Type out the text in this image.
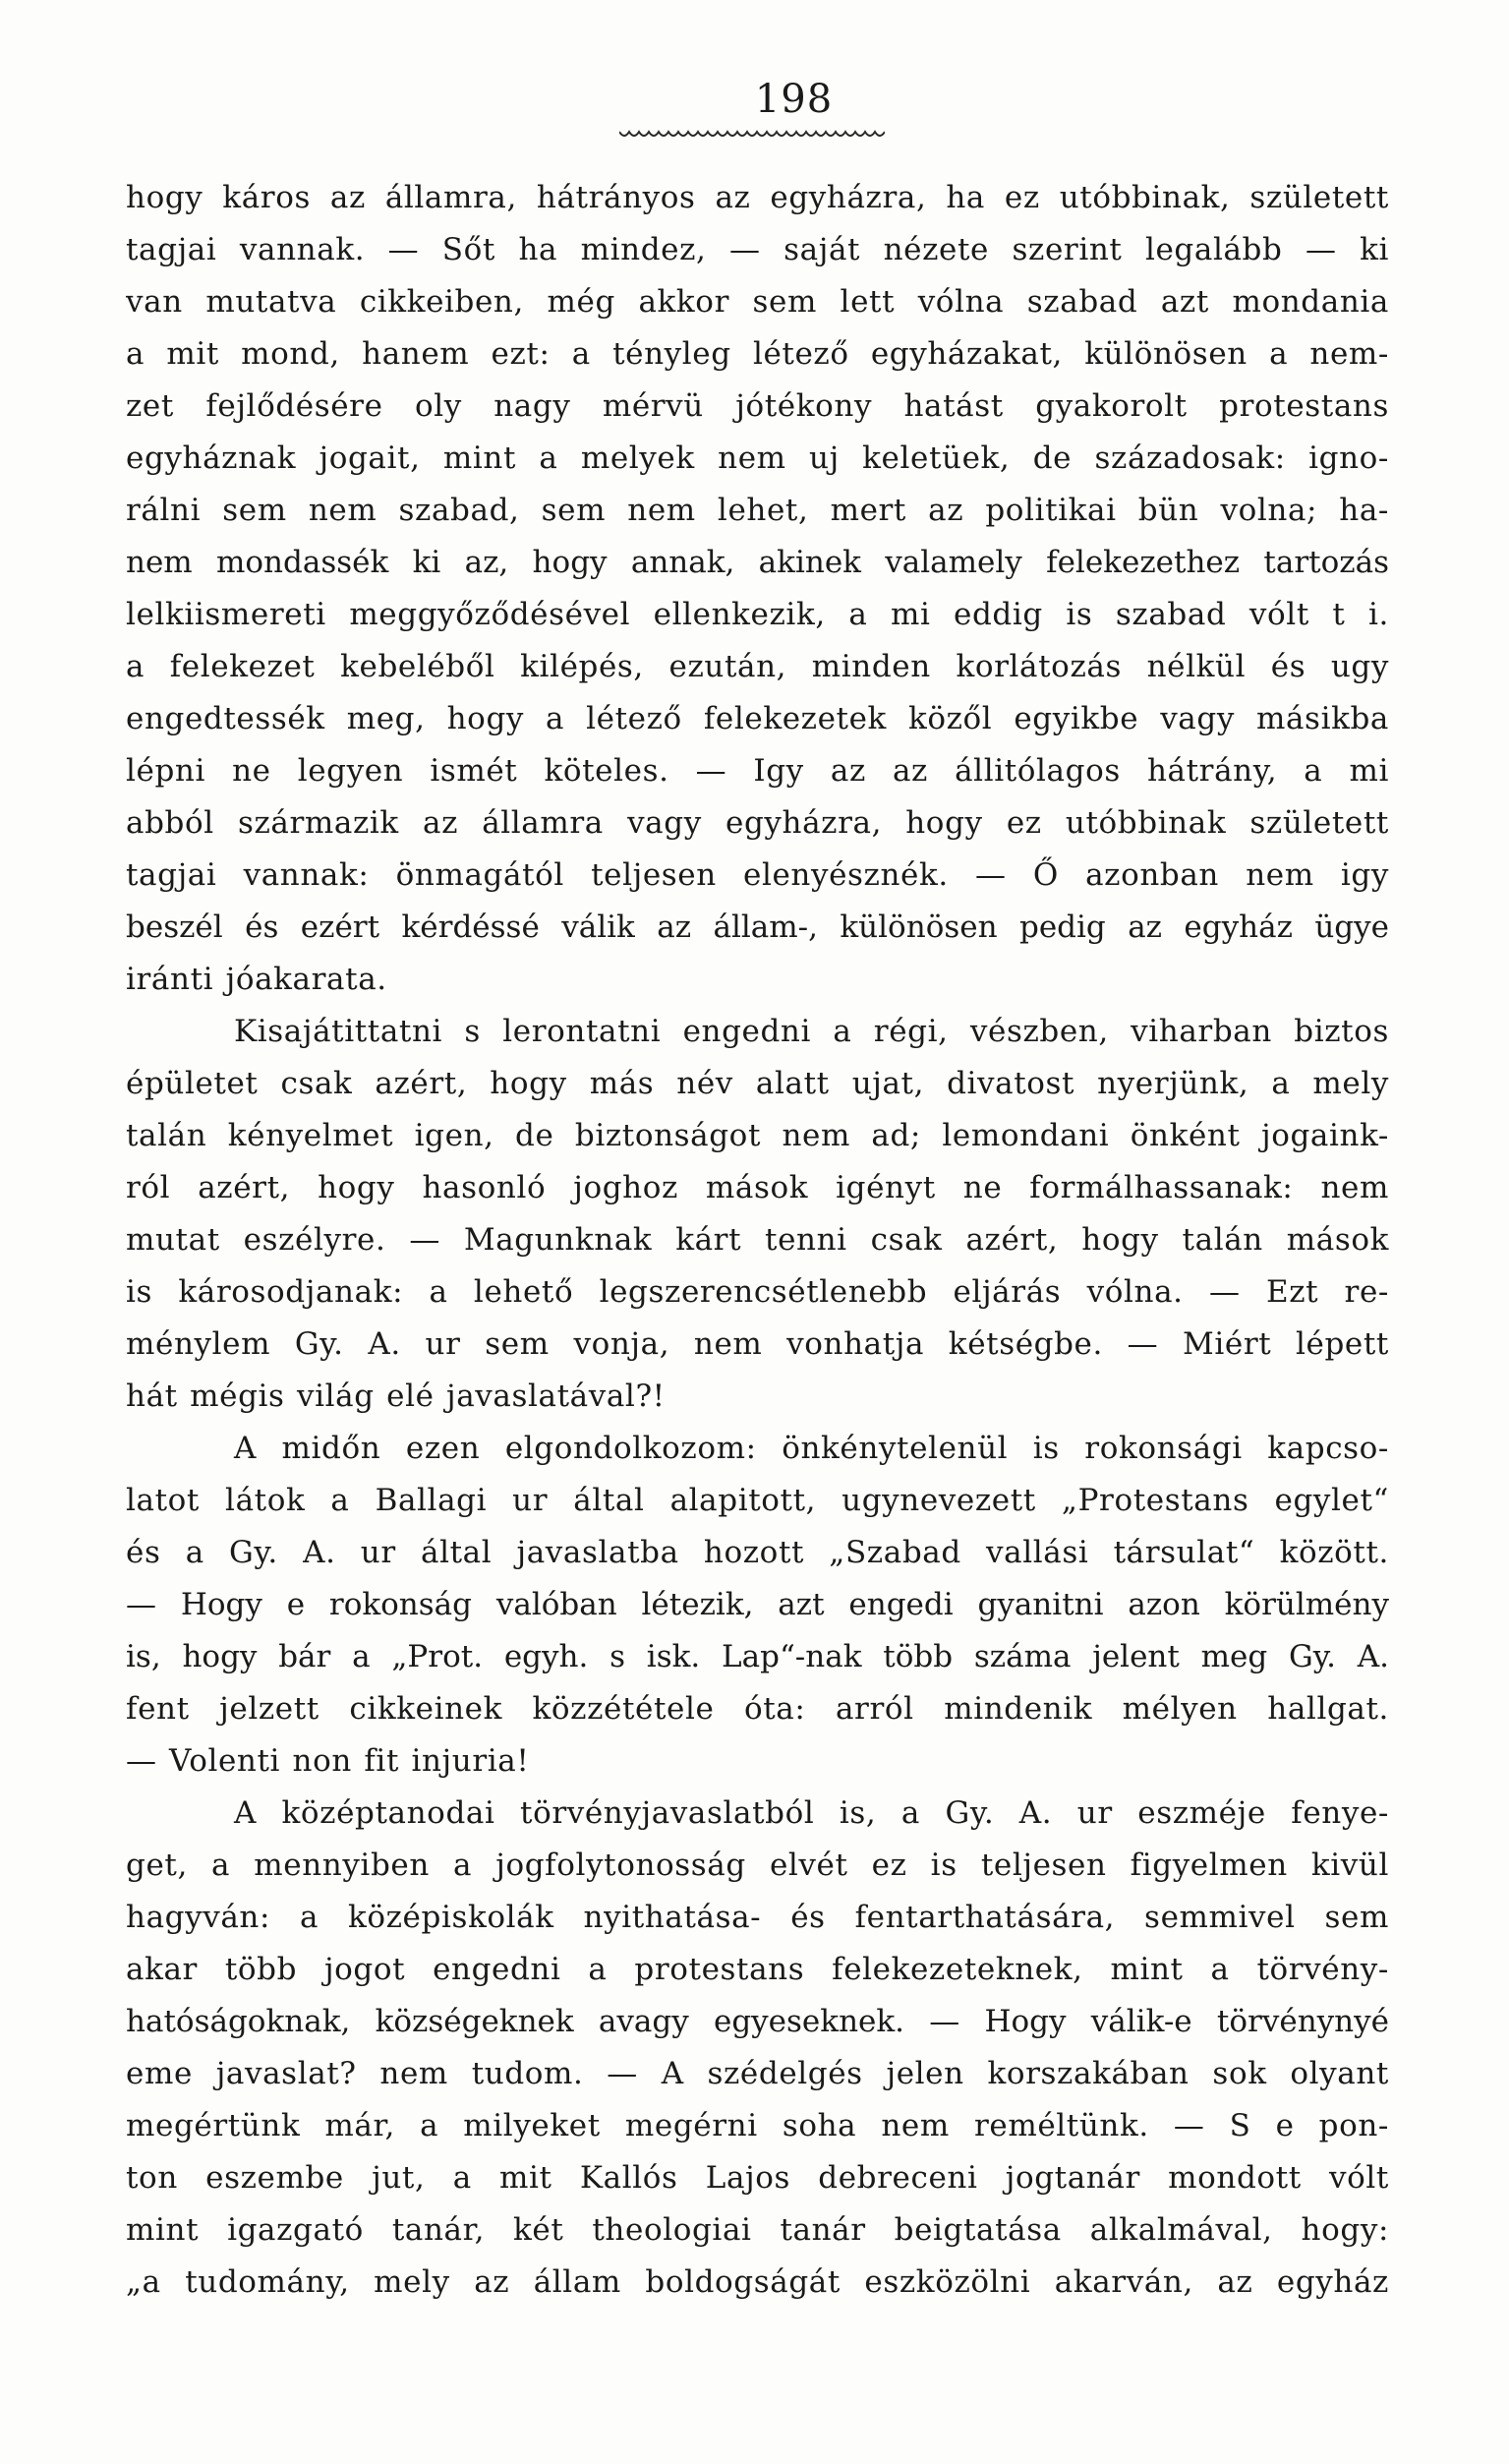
198
hogy káros az államra, hátrányos az egyházra, ha ez utóbbinak, született
tagjai vannak. — Sőt ha mindez, — saját nézete szerint legalább — ki
van mutatva cikkeiben, még akkor sem lett vólna szabad azt mondania
a mit mond, hanem ezt: a tényleg létező egyházakat, különösen a nem-
zet fejlődésére oly nagy mérvü jótékony hatást gyakorolt protestans
egyháznak jogait, mint a melyek nem uj keletüek, de századosak: igno-
rálni sem nem szabad, sem nem lehet, mert az politikai bün volna; ha-
nem mondassék ki az, hogy annak, akinek valamely felekezethez tartozás
lelkiismereti meggyőződésével ellenkezik, a mi eddig is szabad vólt t i.
a felekezet kebeléből kilépés, ezután, minden korlátozás nélkül és ugy
engedtessék meg, hogy a létező felekezetek közől egyikbe vagy másikba
lépni ne legyen ismét köteles. — Igy az az állitólagos hátrány, a mi
abból származik az államra vagy egyházra, hogy ez utóbbinak született
tagjai vannak: önmagától teljesen elenyésznék. — Ő azonban nem igy
beszél és ezért kérdéssé válik az állam-, különösen pedig az egyház ügye
iránti jóakarata.
Kisajátittatni s lerontatni engedni a régi, vészben, viharban biztos
épületet csak azért, hogy más név alatt ujat, divatost nyerjünk, a mely
talán kényelmet igen, de biztonságot nem ad; lemondani önként jogaink-
ról azért, hogy hasonló joghoz mások igényt ne formálhassanak: nem
mutat eszélyre. — Magunknak kárt tenni csak azért, hogy talán mások
is károsodjanak: a lehető legszerencsétlenebb eljárás vólna. — Ezt re-
ménylem Gy. A. ur sem vonja, nem vonhatja kétségbe. — Miért lépett
hát mégis világ elé javaslatával?!
A midőn ezen elgondolkozom: önkénytelenül is rokonsági kapcso-
latot látok a Ballagi ur által alapitott, ugynevezett „Protestans egylet“
és a Gy. A. ur által javaslatba hozott „Szabad vallási társulat“ között.
— Hogy e rokonság valóban létezik, azt engedi gyanitni azon körülmény
is, hogy bár a „Prot. egyh. s isk. Lap“-nak több száma jelent meg Gy. A.
fent jelzett cikkeinek közzététele óta: arról mindenik mélyen hallgat.
— Volenti non fit injuria!
A középtanodai törvényjavaslatból is, a Gy. A. ur eszméje fenye-
get, a mennyiben a jogfolytonosság elvét ez is teljesen figyelmen kivül
hagyván: a középiskolák nyithatása- és fentarthatására, semmivel sem
akar több jogot engedni a protestans felekezeteknek, mint a törvény-
hatóságoknak, községeknek avagy egyeseknek. — Hogy válik-e törvénynyé
eme javaslat? nem tudom. — A szédelgés jelen korszakában sok olyant
megértünk már, a milyeket megérni soha nem reméltünk. — S e pon-
ton eszembe jut, a mit Kallós Lajos debreceni jogtanár mondott vólt
mint igazgató tanár, két theologiai tanár beigtatása alkalmával, hogy:
„a tudomány, mely az állam boldogságát eszközölni akarván, az egyház
